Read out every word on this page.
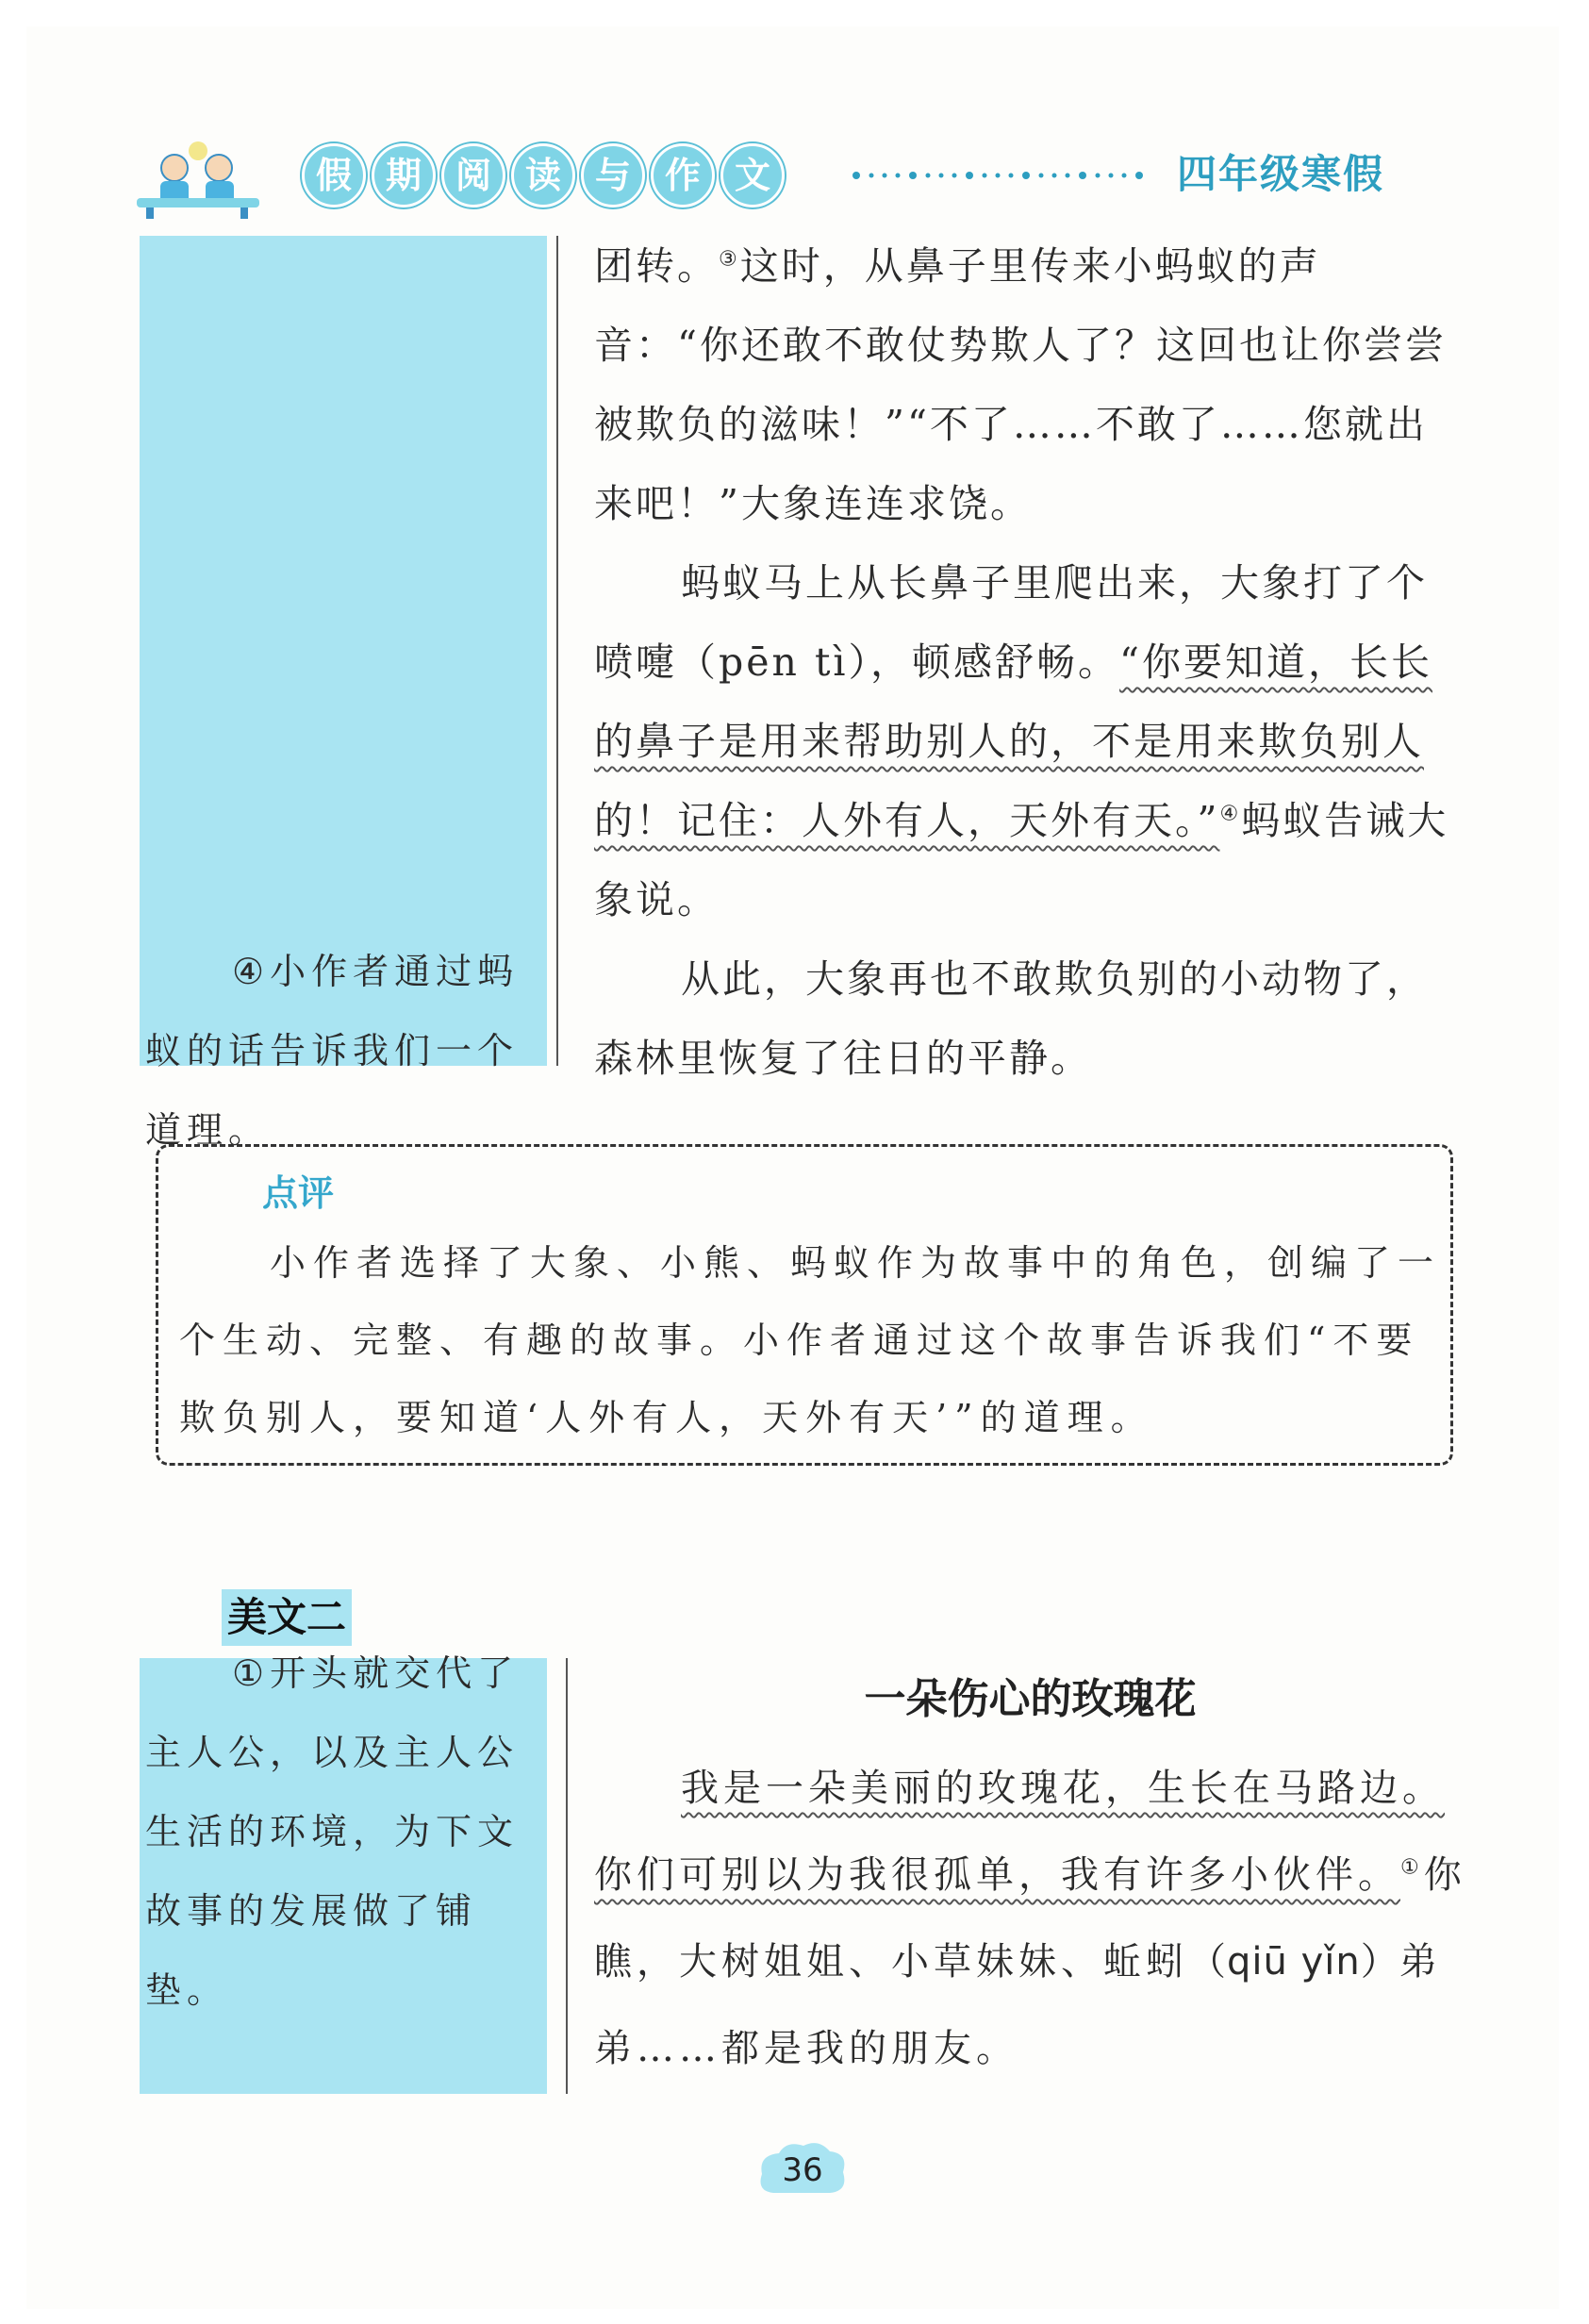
假 期 阅 读 与 作 文	四年级寒假
④小作者通过蚂蚁的话告诉我们一个道理。

团转。③这时，从鼻子里传来小蚂蚁的声音：“你还敢不敢仗势欺人了？这回也让你尝尝被欺负的滋味！”“不了……不敢了……您就出来吧！”大象连连求饶。

蚂蚁马上从长鼻子里爬出来，大象打了个喷嚏（pēn tì），顿感舒畅。“你要知道，长长的鼻子是用来帮助别人的，不是用来欺负别人的！记住：人外有人，天外有天。”④蚂蚁告诫大象说。

从此，大象再也不敢欺负别的小动物了，森林里恢复了往日的平静。

点评
小作者选择了大象、小熊、蚂蚁作为故事中的角色，创编了一个生动、完整、有趣的故事。小作者通过这个故事告诉我们“不要欺负别人，要知道‘人外有人，天外有天’”的道理。
美文二
①开头就交代了主人公，以及主人公生活的环境，为下文故事的发展做了铺垫。
一朵伤心的玫瑰花

我是一朵美丽的玫瑰花，生长在马路边。你们可别以为我很孤单，我有许多小伙伴。①你瞧，大树姐姐、小草妹妹、蚯蚓（qiū yǐn）弟弟……都是我的朋友。

36
